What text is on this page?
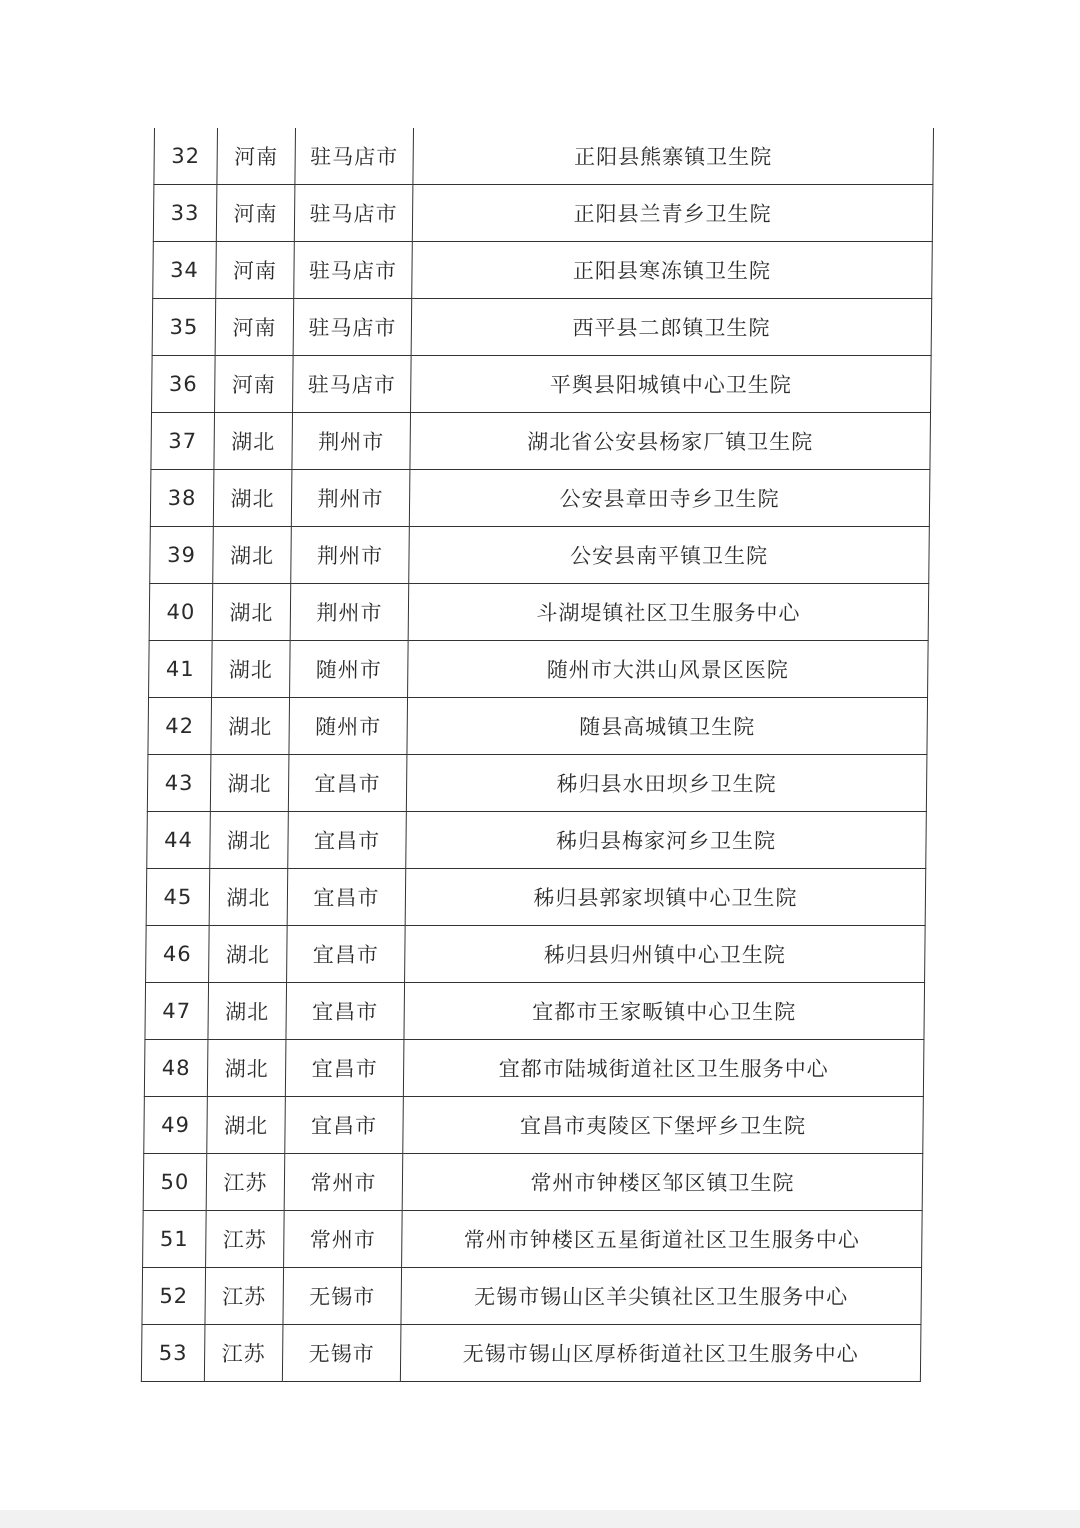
32	河南	驻马店市	正阳县熊寨镇卫生院
33	河南	驻马店市	正阳县兰青乡卫生院
34	河南	驻马店市	正阳县寒冻镇卫生院
35	河南	驻马店市	西平县二郎镇卫生院
36	河南	驻马店市	平舆县阳城镇中心卫生院
37	湖北	荆州市	湖北省公安县杨家厂镇卫生院
38	湖北	荆州市	公安县章田寺乡卫生院
39	湖北	荆州市	公安县南平镇卫生院
40	湖北	荆州市	斗湖堤镇社区卫生服务中心
41	湖北	随州市	随州市大洪山风景区医院
42	湖北	随州市	随县高城镇卫生院
43	湖北	宜昌市	秭归县水田坝乡卫生院
44	湖北	宜昌市	秭归县梅家河乡卫生院
45	湖北	宜昌市	秭归县郭家坝镇中心卫生院
46	湖北	宜昌市	秭归县归州镇中心卫生院
47	湖北	宜昌市	宜都市王家畈镇中心卫生院
48	湖北	宜昌市	宜都市陆城街道社区卫生服务中心
49	湖北	宜昌市	宜昌市夷陵区下堡坪乡卫生院
50	江苏	常州市	常州市钟楼区邹区镇卫生院
51	江苏	常州市	常州市钟楼区五星街道社区卫生服务中心
52	江苏	无锡市	无锡市锡山区羊尖镇社区卫生服务中心
53	江苏	无锡市	无锡市锡山区厚桥街道社区卫生服务中心
